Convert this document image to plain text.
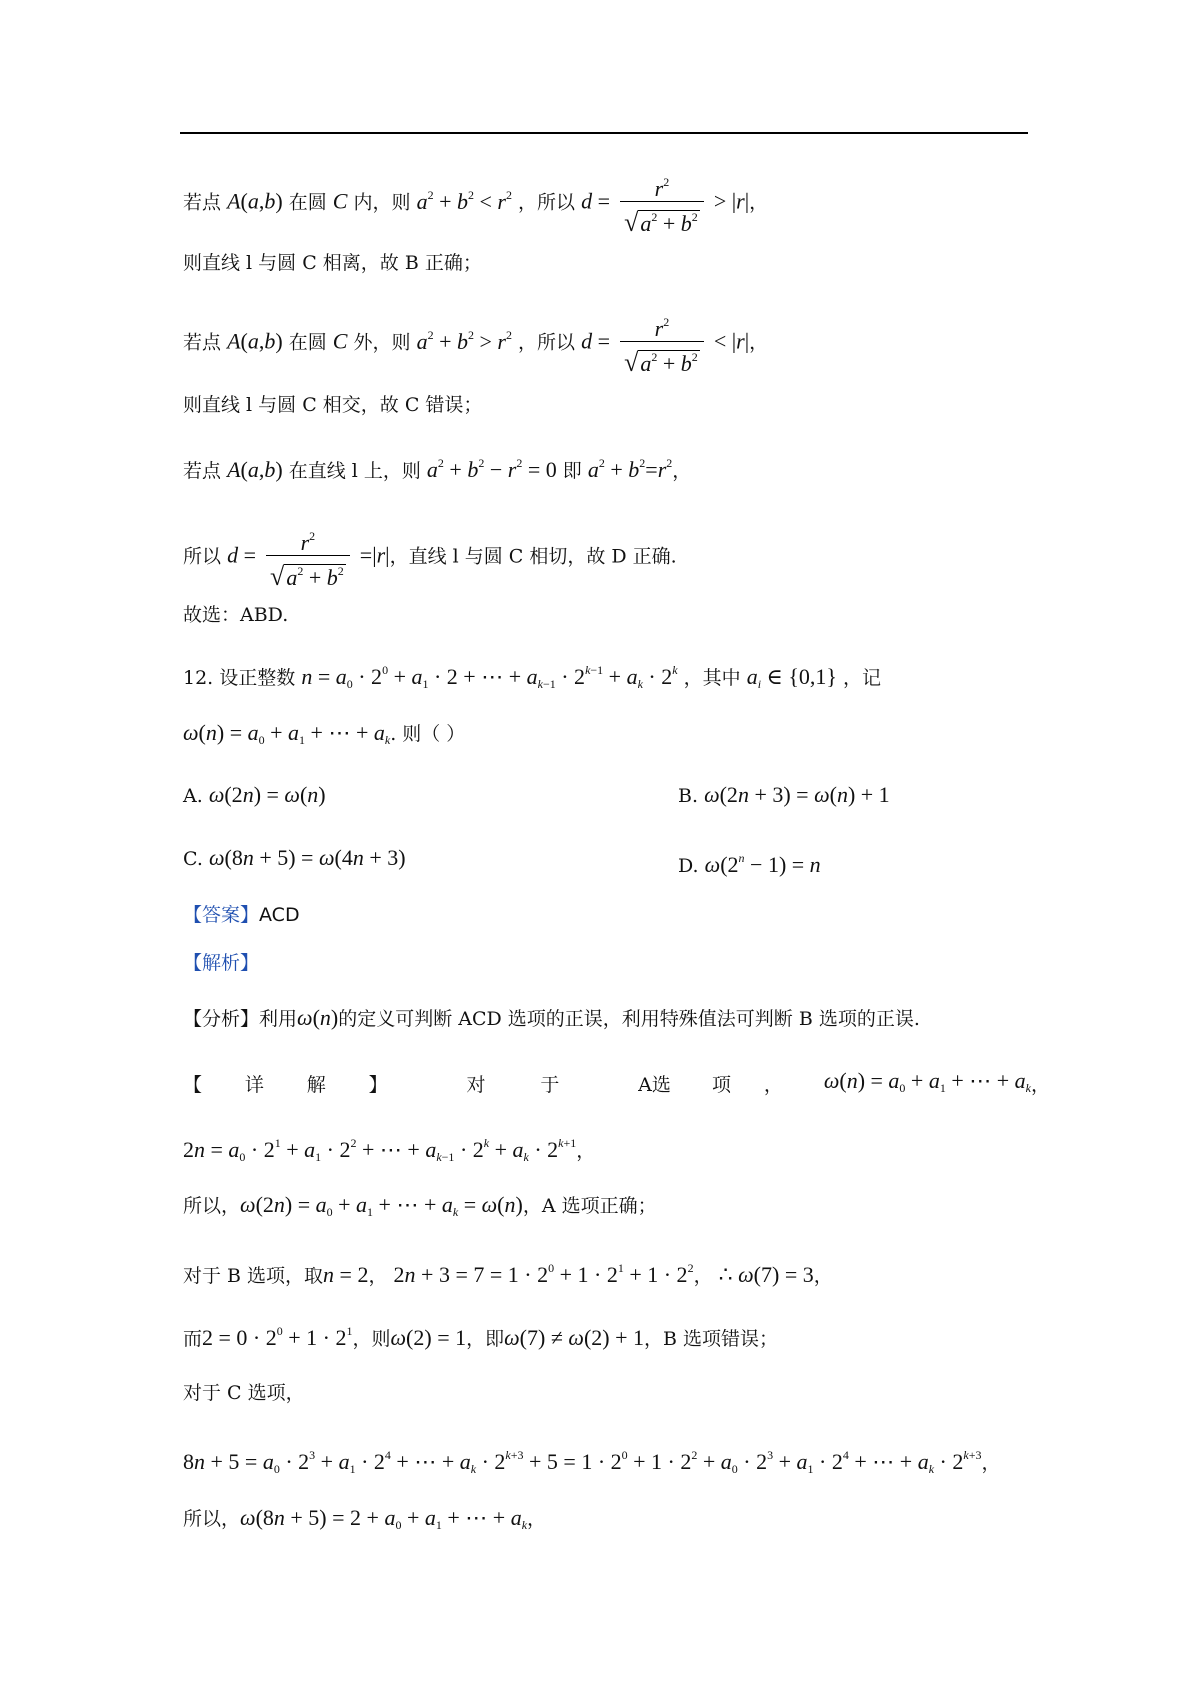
若点 A(a,b) 在圆 C 内，则 $a^2 + b^2 < r^2$ ，所以 $d = \frac{r^2}{√a^2 + b^2} > |r|$，
则直线 l 与圆 C 相离，故 B 正确；
若点 A(a,b) 在圆 C 外，则 $a^2 + b^2 > r^2$ ，所以 $d = \frac{r^2}{√a^2 + b^2} < |r|$，
则直线 l 与圆 C 相交，故 C 错误；
若点 A(a,b) 在直线 l 上，则 $a^2 + b^2 - r^2 = 0$ 即 $a^2 + b^2=r^2$，
所以 $d = \frac{r^2}{√a^2 + b^2} =|r|$，直线 l 与圆 C 相切，故 D 正确.
故选：ABD.
12. 设正整数 $n = a_0 \cdot 2^0 + a_1 \cdot 2$ + ⋯ + $a_{k-1} \cdot 2^{k-1} + a_k \cdot 2^k$ ，其中 $a_i$ ∈ {0,1} ，记
$\omega(n) = a_0 + a_1$ + ⋯ + $a_k$. 则（ ）
A. ω(2n) = ω(n)	B. ω(2n + 3) = ω(n) + 1
C. ω(8n + 5) = ω(4n + 3)	D. $\omega(2^n - 1) = n$
【答案】ACD
【解析】
【分析】利用ω(n)的定义可判断 ACD 选项的正误，利用特殊值法可判断 B 选项的正误.
【	详	解	】	对	于	A选	项	，	$\omega(n) = a_0 + a_1$ + ⋯ + $a_k$ ，
$2n = a_0 \cdot 2^1 + a_1 \cdot 2^2$ + ⋯ + $a_{k-1} \cdot 2^k + a_k \cdot 2^{k+1}$，
所以，$\omega(2n) = a_0 + a_1$ + ⋯ + $a_k = \omega(n)$，A 选项正确；
对于 B 选项，取n = 2， $2n + 3 = 7 = 1 \cdot 2^0 + 1 \cdot 2^1 + 1 \cdot 2^2$， ∴ ω(7) = 3，
而$2 = 0 \cdot 2^0 + 1 \cdot 2^1$，则ω(2) = 1，即ω(7) ≠ ω(2) + 1，B 选项错误；
对于 C 选项，
$8n + 5 = a_0 \cdot 2^3 + a_1 \cdot 2^4$ + ⋯ + $a_k \cdot 2^{k+3} + 5 = 1 \cdot 2^0 + 1 \cdot 2^2 + a_0 \cdot 2^3 + a_1 \cdot 2^4$ + ⋯ + $a_k \cdot 2^{k+3}$，
所以，$\omega(8n + 5) = 2 + a_0 + a_1$ + ⋯ + $a_k$，
